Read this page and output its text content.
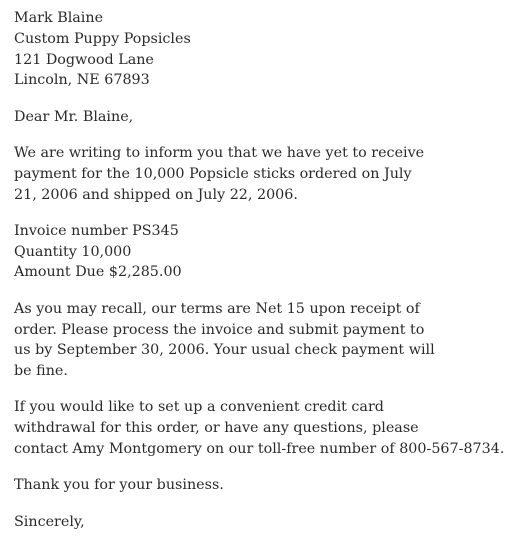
Mark Blaine
Custom Puppy Popsicles
121 Dogwood Lane
Lincoln, NE 67893
Dear Mr. Blaine,
We are writing to inform you that we have yet to receive
payment for the 10,000 Popsicle sticks ordered on July
21, 2006 and shipped on July 22, 2006.
Invoice number PS345
Quantity 10,000
Amount Due $2,285.00
As you may recall, our terms are Net 15 upon receipt of
order. Please process the invoice and submit payment to
us by September 30, 2006. Your usual check payment will
be fine.
If you would like to set up a convenient credit card
withdrawal for this order, or have any questions, please
contact Amy Montgomery on our toll-free number of 800-567-8734.
Thank you for your business.
Sincerely,
